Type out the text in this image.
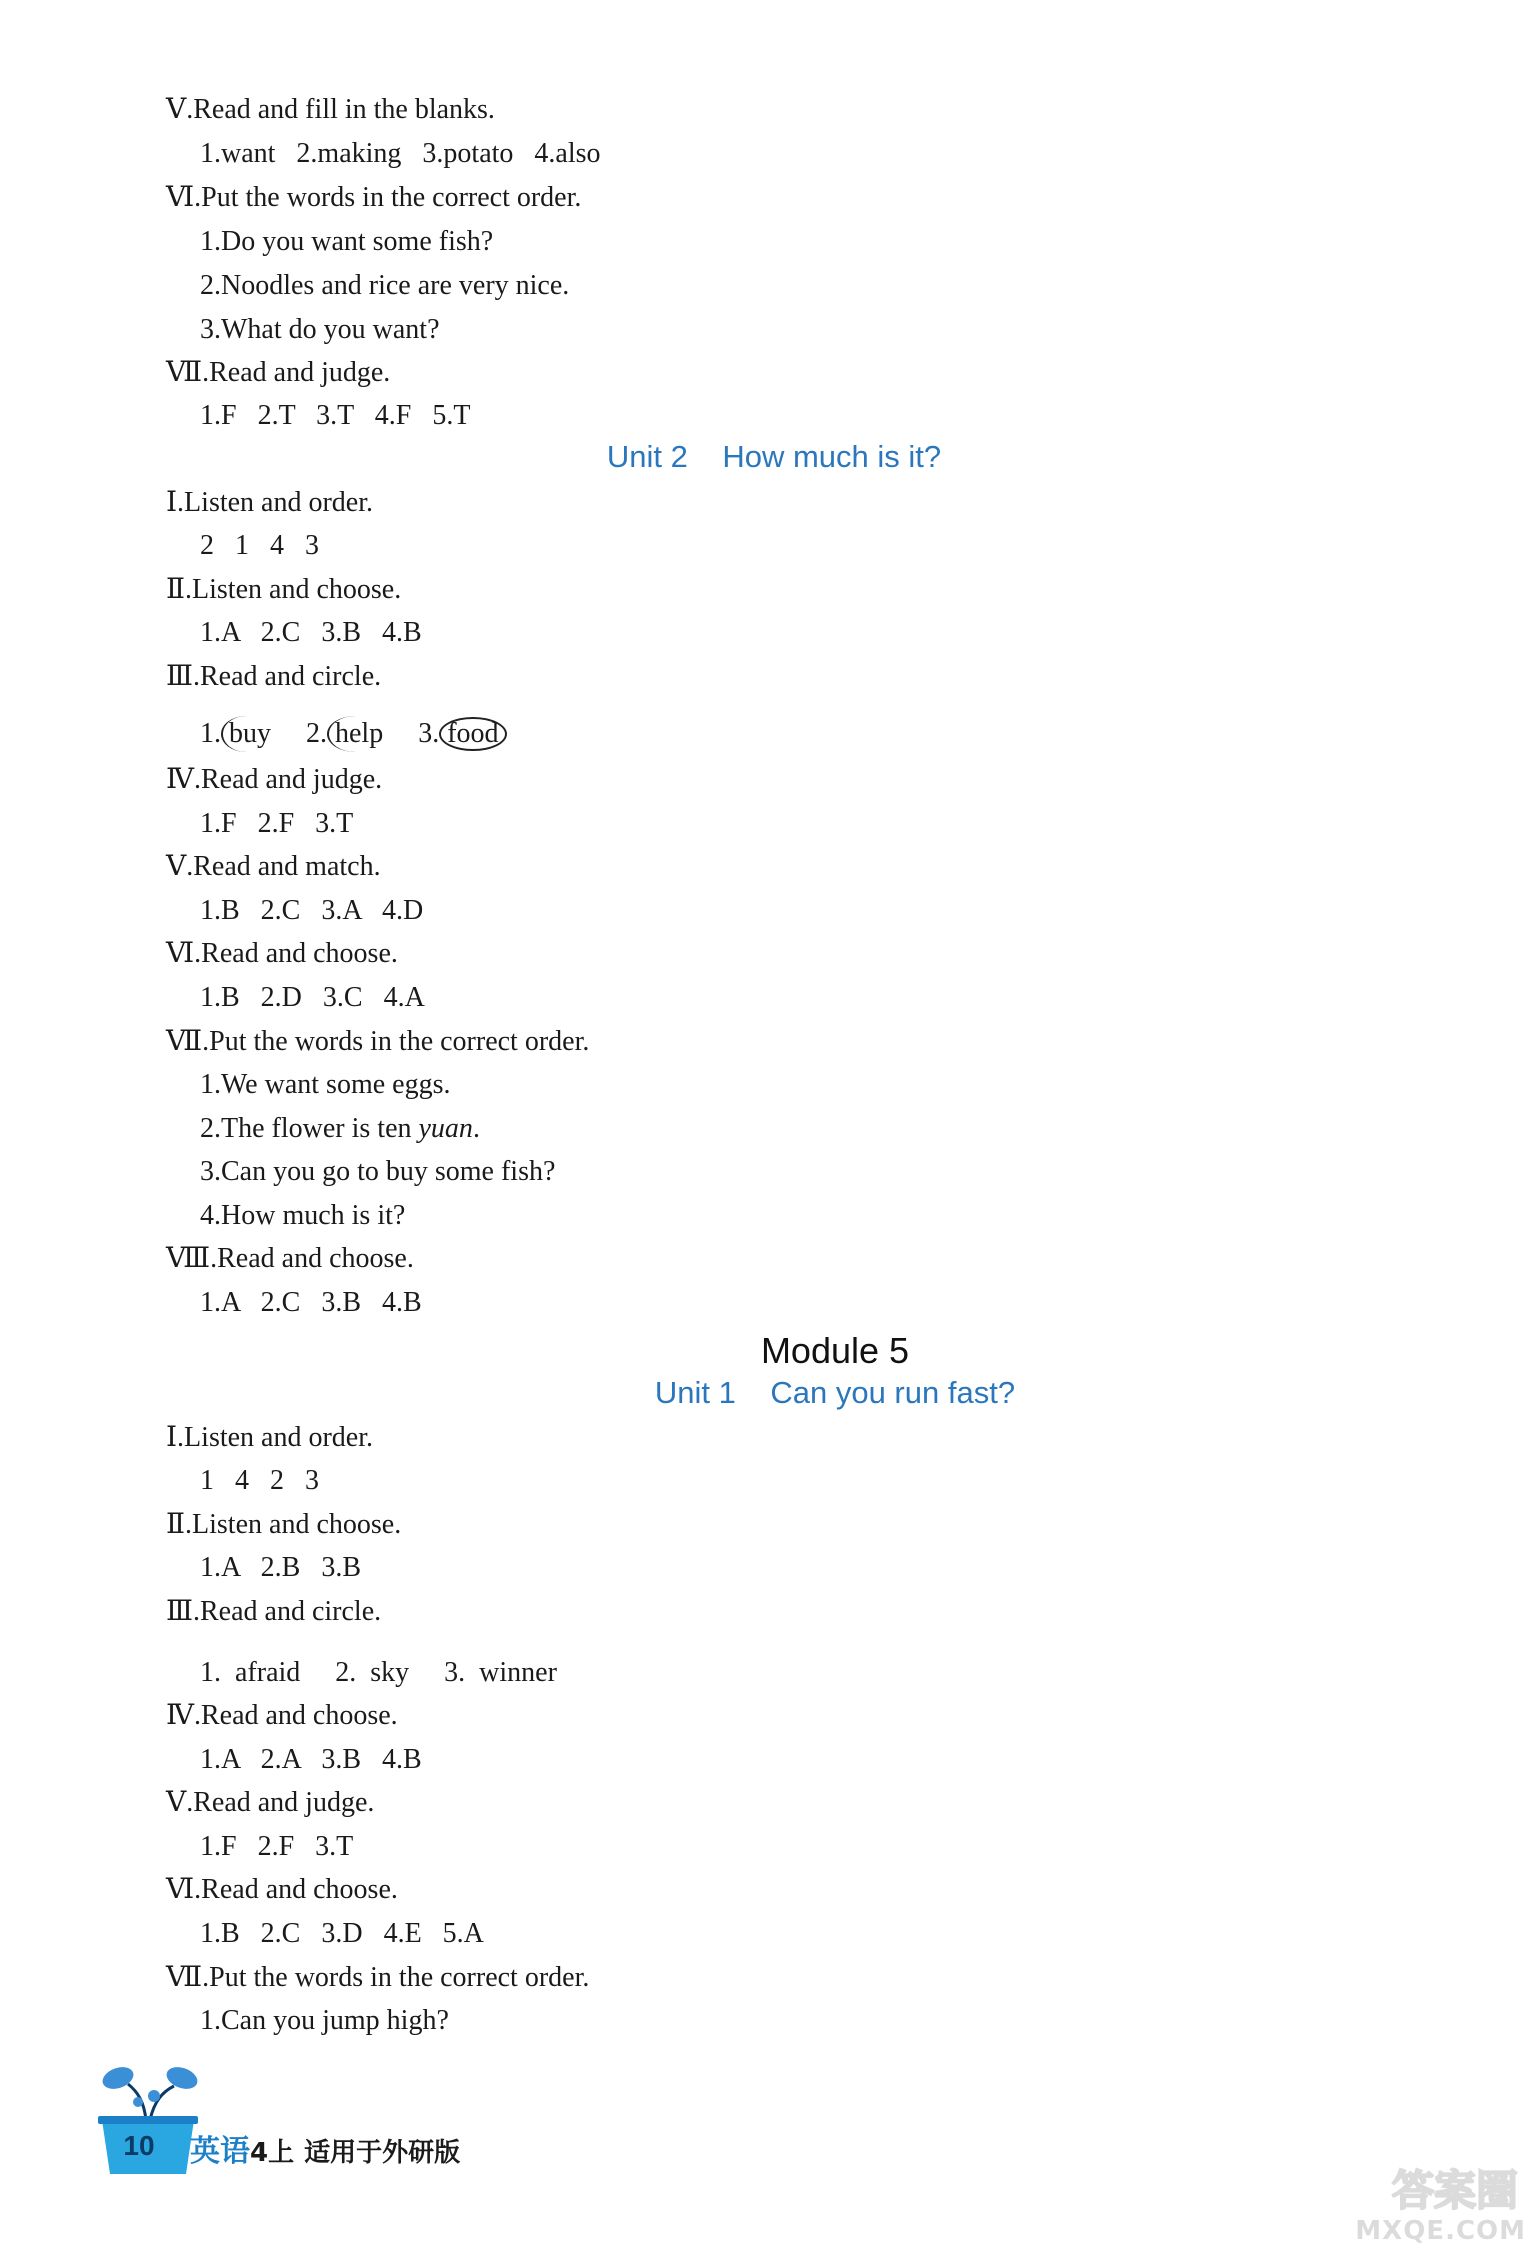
Ⅴ.Read and fill in the blanks.
1.want   2.making   3.potato   4.also
Ⅵ.Put the words in the correct order.
1.Do you want some fish?
2.Noodles and rice are very nice.
3.What do you want?
Ⅶ.Read and judge.
1.F   2.T   3.T   4.F   5.T
Unit 2 How much is it?
Ⅰ.Listen and order.
2   1   4   3
Ⅱ.Listen and choose.
1.A   2.C   3.B   4.B
Ⅲ.Read and circle.
1. buy 2. help 3. food
Ⅳ.Read and judge.
1.F   2.F   3.T
Ⅴ.Read and match.
1.B   2.C   3.A   4.D
Ⅵ.Read and choose.
1.B   2.D   3.C   4.A
Ⅶ.Put the words in the correct order.
1.We want some eggs.
2.The flower is ten yuan.
3.Can you go to buy some fish?
4.How much is it?
Ⅷ.Read and choose.
1.A   2.C   3.B   4.B
Module 5
Unit 1 Can you run fast?
Ⅰ.Listen and order.
1   4   2   3
Ⅱ.Listen and choose.
1.A   2.B   3.B
Ⅲ.Read and circle.
1.  afraid     2.  sky     3.  winner
Ⅳ.Read and choose.
1.A   2.A   3.B   4.B
Ⅴ.Read and judge.
1.F   2.F   3.T
Ⅵ.Read and choose.
1.B   2.C   3.D   4.E   5.A
Ⅶ.Put the words in the correct order.
1.Can you jump high?
10	英语4上 适用于外研版
答案圈
MXQE.COM
